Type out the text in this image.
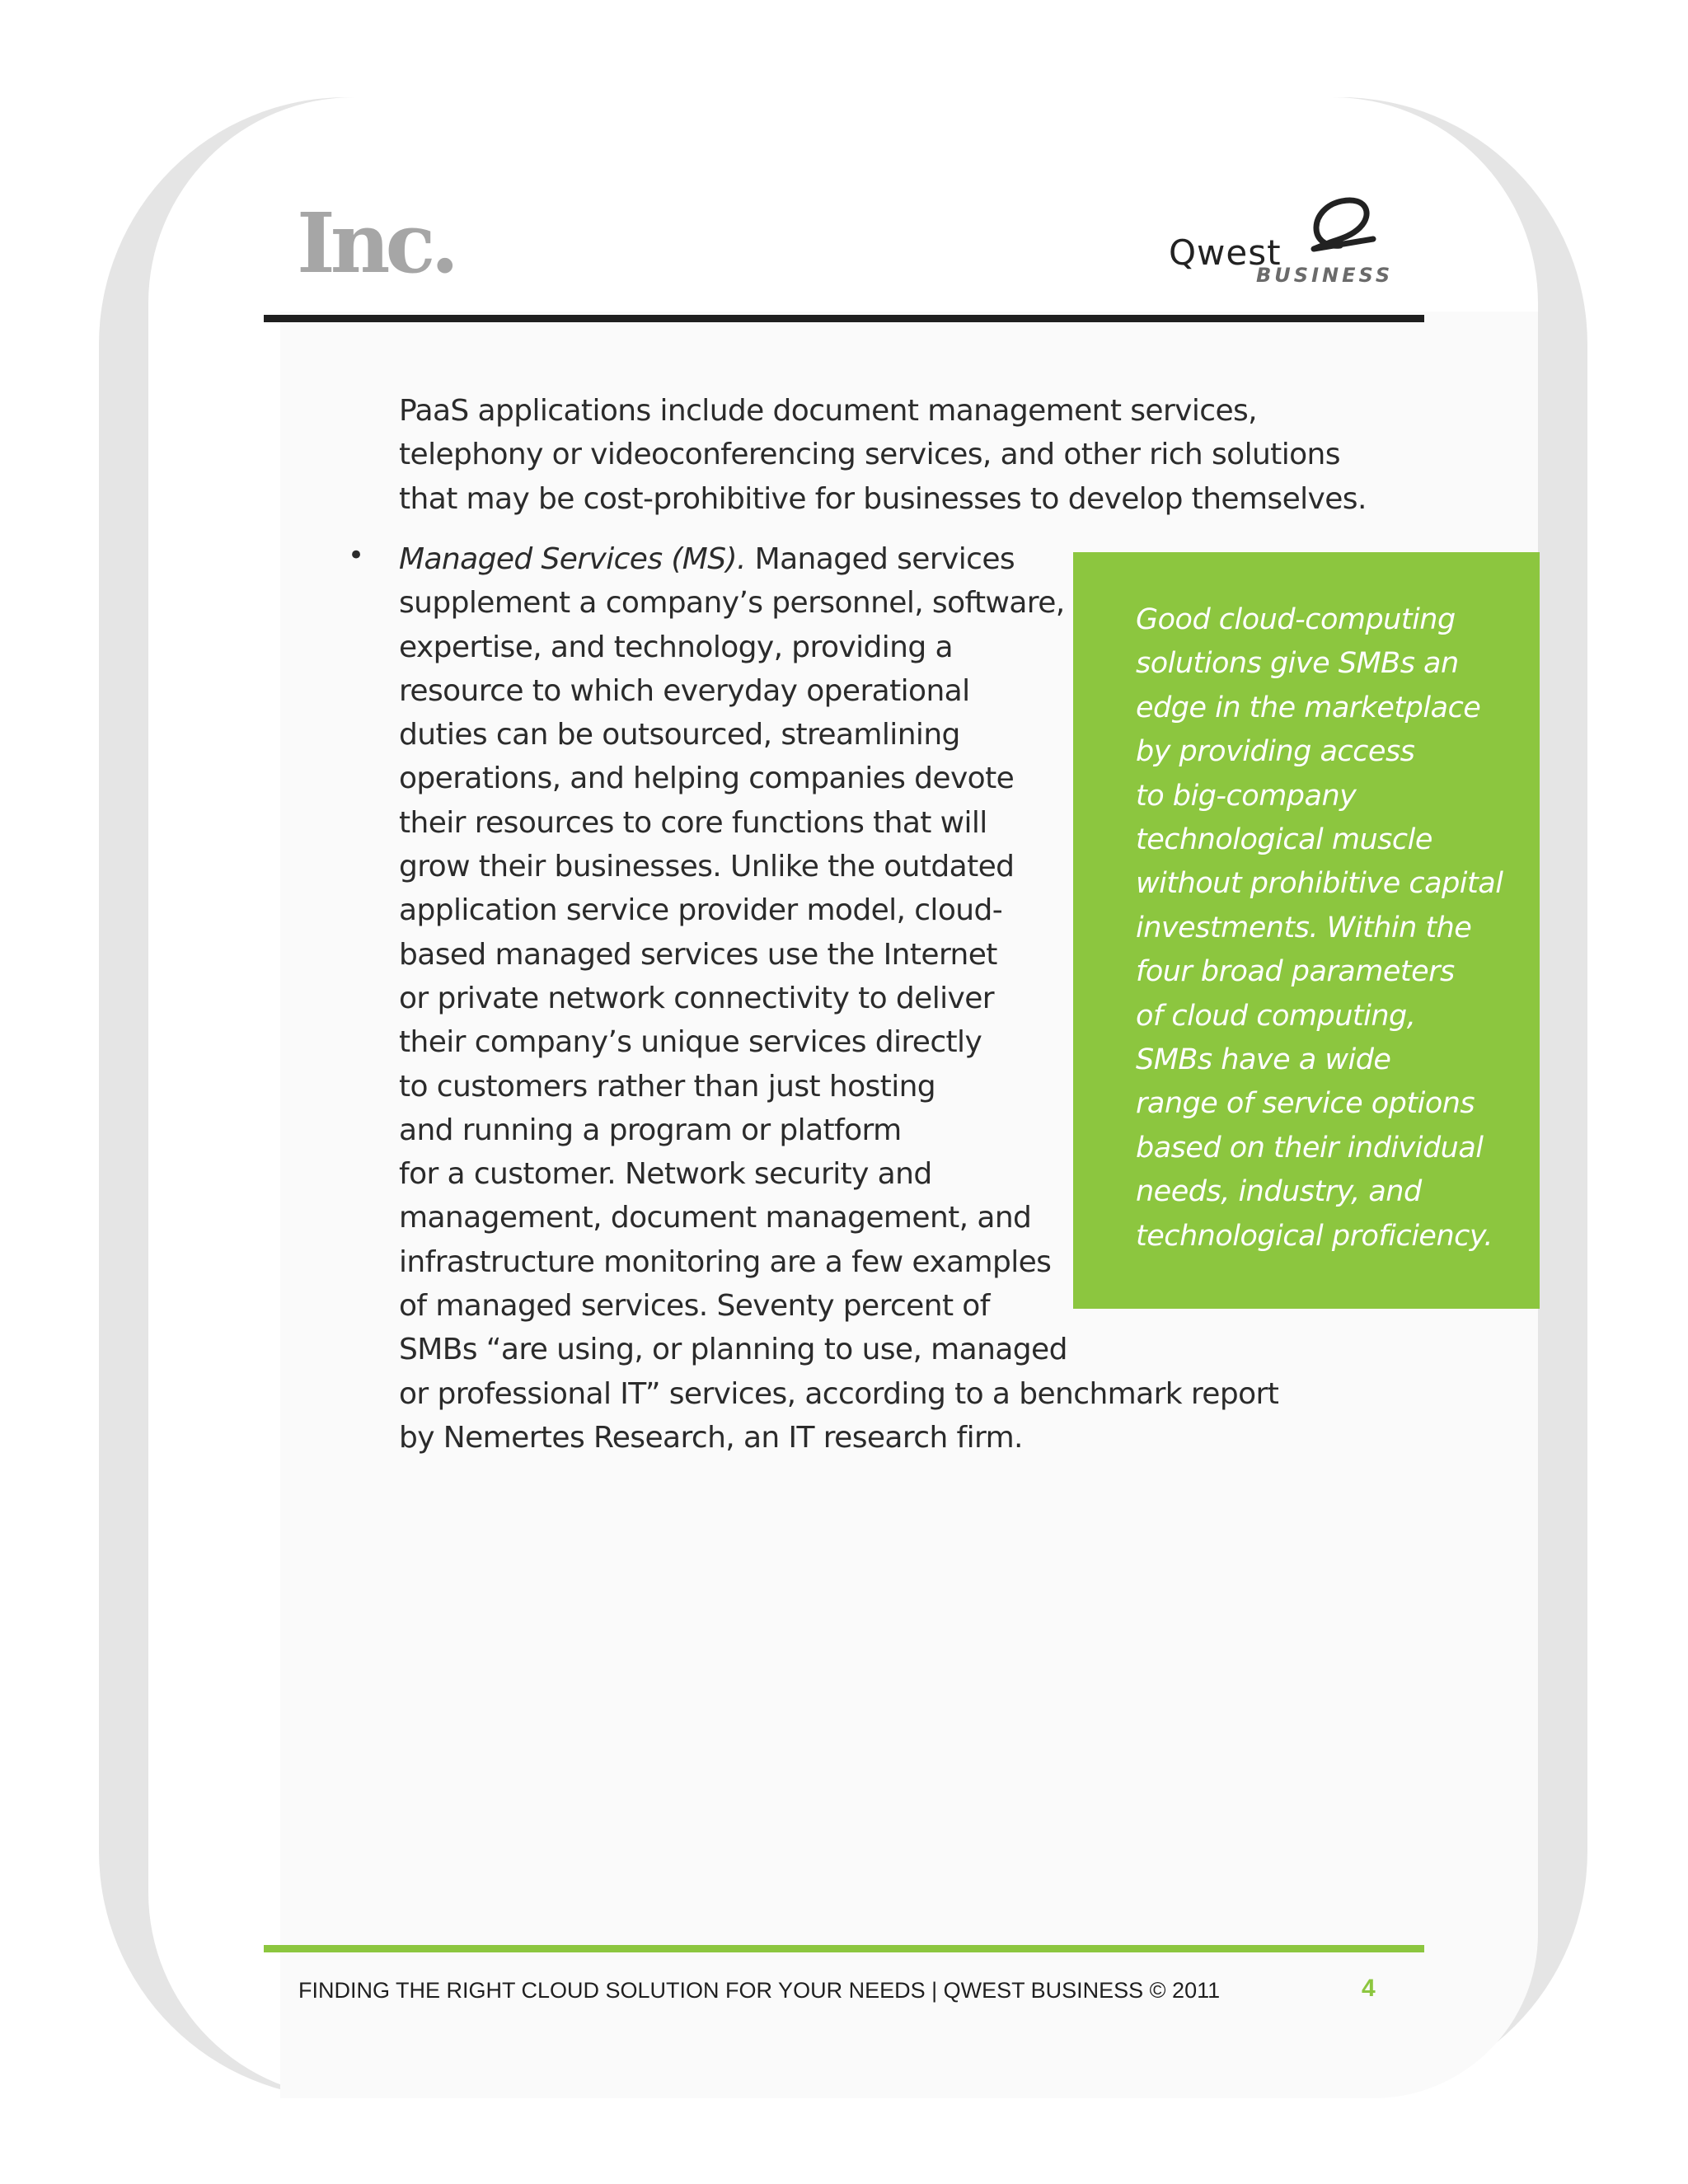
Inc.	Qwest
BUSINESS

PaaS applications include document management services, telephony or videoconferencing services, and other rich solutions that may be cost-prohibitive for businesses to develop themselves.

• Managed Services (MS). Managed services
supplement a company’s personnel, software,
expertise, and technology, providing a
resource to which everyday operational
duties can be outsourced, streamlining
operations, and helping companies devote
their resources to core functions that will
grow their businesses. Unlike the outdated
application service provider model, cloud-
based managed services use the Internet
or private network connectivity to deliver
their company’s unique services directly
to customers rather than just hosting
and running a program or platform
for a customer. Network security and
management, document management, and
infrastructure monitoring are a few examples
of managed services. Seventy percent of
SMBs “are using, or planning to use, managed
or professional IT” services, according to a benchmark report
by Nemertes Research, an IT research firm.

Good cloud-computing
solutions give SMBs an
edge in the marketplace
by providing access
to big-company
technological muscle
without prohibitive capital
investments. Within the
four broad parameters
of cloud computing,
SMBs have a wide
range of service options
based on their individual
needs, industry, and
technological proficiency.

FINDING THE RIGHT CLOUD SOLUTION FOR YOUR NEEDS | QWEST BUSINESS © 2011	4
